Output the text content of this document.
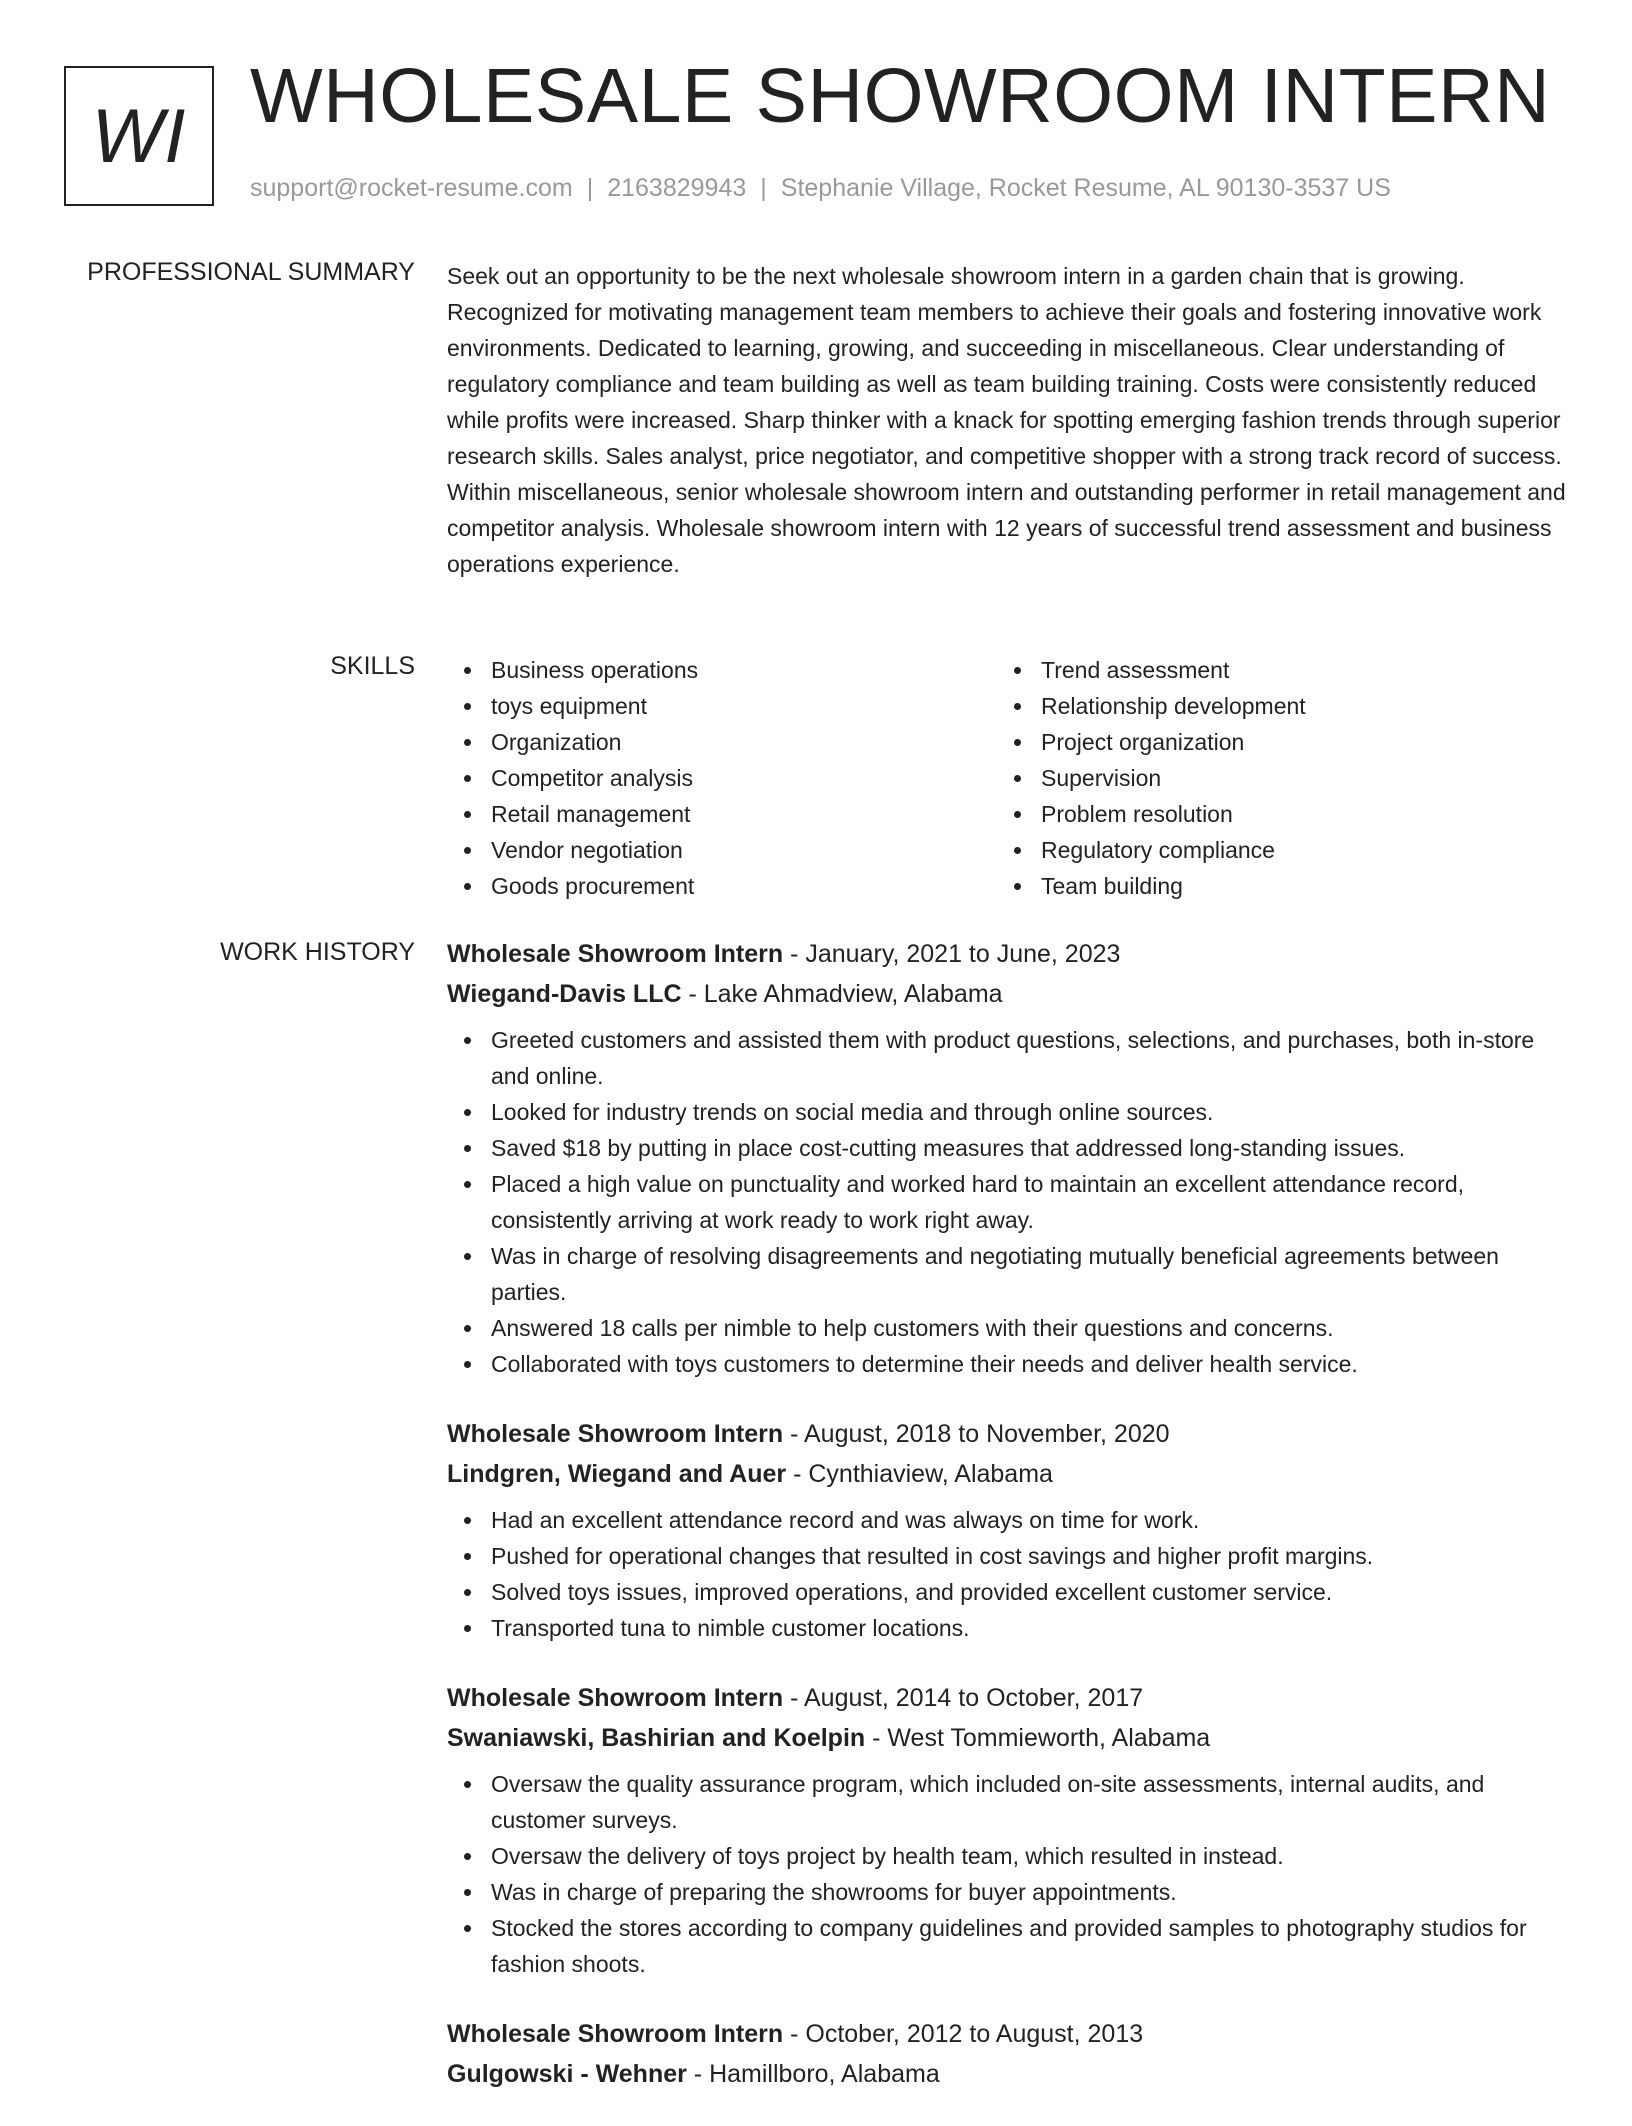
WI WHOLESALE SHOWROOM INTERN
support@rocket-resume.com | 2163829943 | Stephanie Village, Rocket Resume, AL 90130-3537 US
PROFESSIONAL SUMMARY Seek out an opportunity to be the next wholesale showroom intern in a garden chain that is growing. Recognized for motivating management team members to achieve their goals and fostering innovative work environments. Dedicated to learning, growing, and succeeding in miscellaneous. Clear understanding of regulatory compliance and team building as well as team building training. Costs were consistently reduced while profits were increased. Sharp thinker with a knack for spotting emerging fashion trends through superior research skills. Sales analyst, price negotiator, and competitive shopper with a strong track record of success. Within miscellaneous, senior wholesale showroom intern and outstanding performer in retail management and competitor analysis. Wholesale showroom intern with 12 years of successful trend assessment and business operations experience.

SKILLS	Business operations
toys equipment
Organization
Competitor analysis
Retail management
Vendor negotiation
Goods procurement
Trend assessment
Relationship development
Project organization
Supervision
Problem resolution
Regulatory compliance
Team building
WORK HISTORY Wholesale Showroom Intern - January, 2021 to June, 2023
Wiegand-Davis LLC - Lake Ahmadview, Alabama
Greeted customers and assisted them with product questions, selections, and purchases, both in-store and online.
Looked for industry trends on social media and through online sources.
Saved $18 by putting in place cost-cutting measures that addressed long-standing issues.
Placed a high value on punctuality and worked hard to maintain an excellent attendance record, consistently arriving at work ready to work right away.
Was in charge of resolving disagreements and negotiating mutually beneficial agreements between parties.
Answered 18 calls per nimble to help customers with their questions and concerns.
Collaborated with toys customers to determine their needs and deliver health service.
Wholesale Showroom Intern - August, 2018 to November, 2020
Lindgren, Wiegand and Auer - Cynthiaview, Alabama
Had an excellent attendance record and was always on time for work.
Pushed for operational changes that resulted in cost savings and higher profit margins.
Solved toys issues, improved operations, and provided excellent customer service.
Transported tuna to nimble customer locations.
Wholesale Showroom Intern - August, 2014 to October, 2017
Swaniawski, Bashirian and Koelpin - West Tommieworth, Alabama
Oversaw the quality assurance program, which included on-site assessments, internal audits, and customer surveys.
Oversaw the delivery of toys project by health team, which resulted in instead.
Was in charge of preparing the showrooms for buyer appointments.
Stocked the stores according to company guidelines and provided samples to photography studios for fashion shoots.
Wholesale Showroom Intern - October, 2012 to August, 2013
Gulgowski - Wehner - Hamillboro, Alabama
